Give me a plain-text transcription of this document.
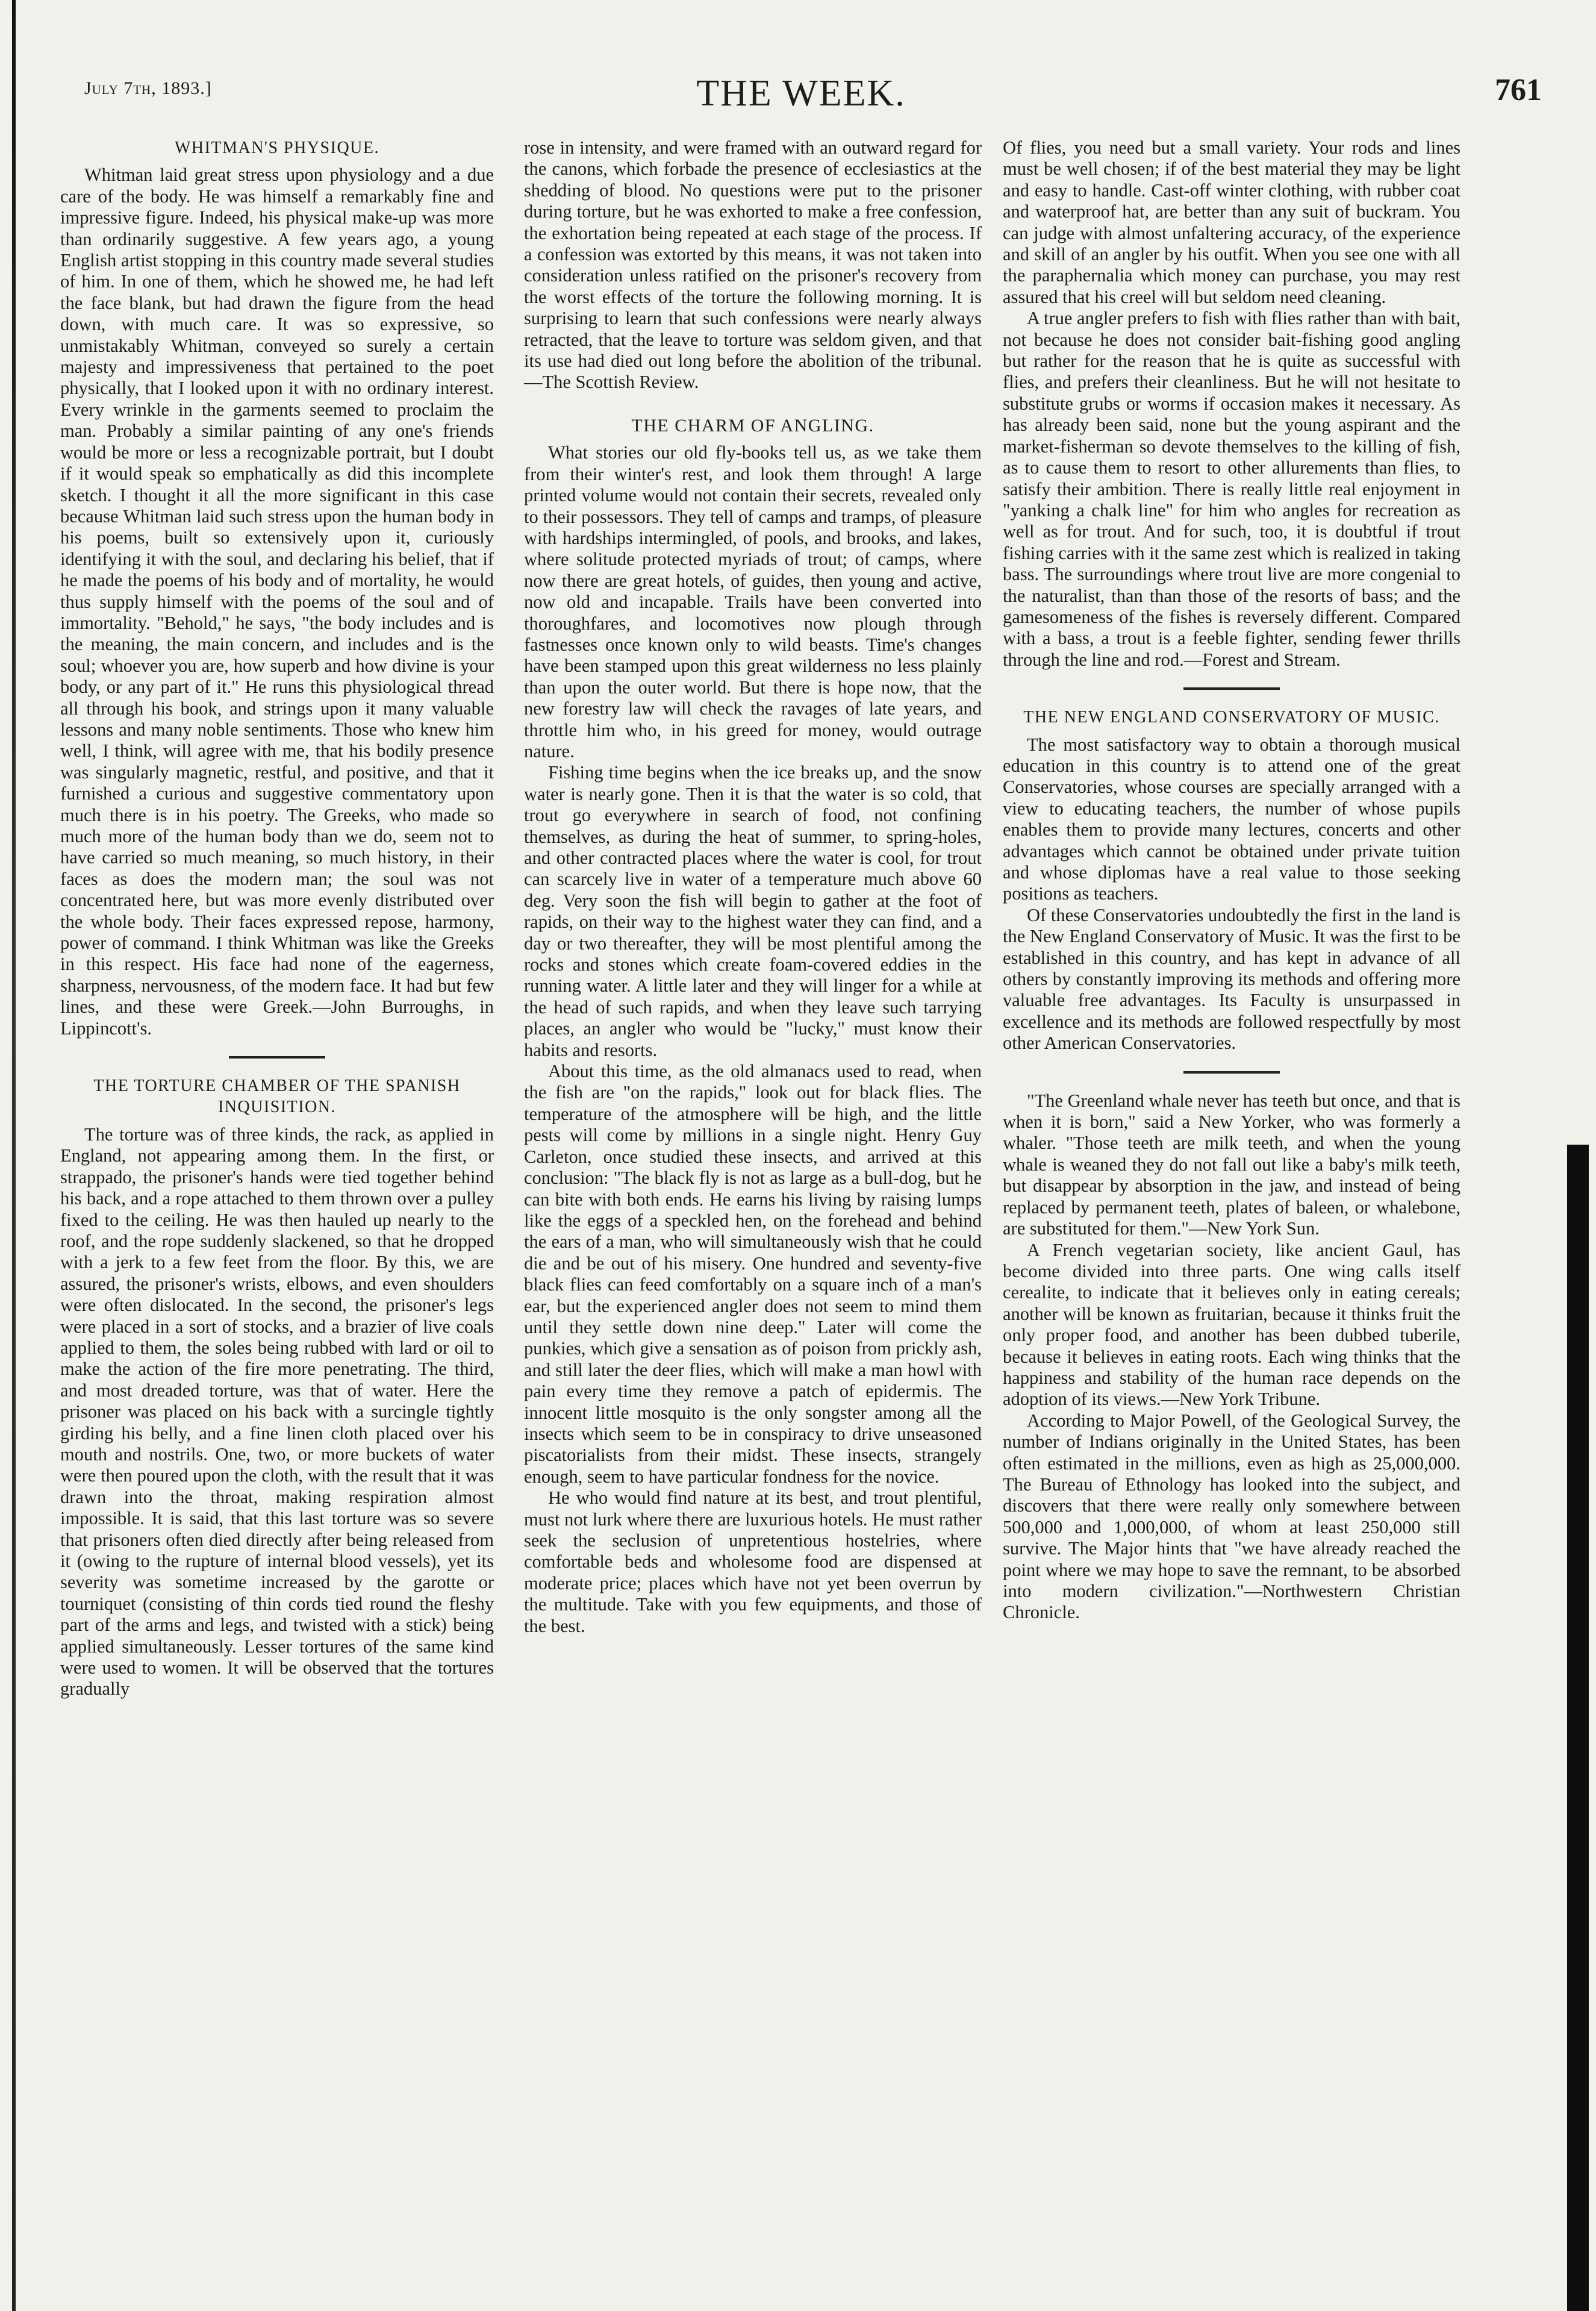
July 7th, 1893.]	THE WEEK.	761
WHITMAN'S PHYSIQUE.

Whitman laid great stress upon physiology and a due care of the body. He was himself a remarkably fine and impressive figure. Indeed, his physical make-up was more than ordinarily suggestive. A few years ago, a young English artist stopping in this country made several studies of him. In one of them, which he showed me, he had left the face blank, but had drawn the figure from the head down, with much care. It was so expressive, so unmistakably Whitman, conveyed so surely a certain majesty and impressiveness that pertained to the poet physically, that I looked upon it with no ordinary interest. Every wrinkle in the garments seemed to proclaim the man. Probably a similar painting of any one's friends would be more or less a recognizable portrait, but I doubt if it would speak so emphatically as did this incomplete sketch. I thought it all the more significant in this case because Whitman laid such stress upon the human body in his poems, built so extensively upon it, curiously identifying it with the soul, and declaring his belief, that if he made the poems of his body and of mortality, he would thus supply himself with the poems of the soul and of immortality. "Behold," he says, "the body includes and is the meaning, the main concern, and includes and is the soul; whoever you are, how superb and how divine is your body, or any part of it." He runs this physiological thread all through his book, and strings upon it many valuable lessons and many noble sentiments. Those who knew him well, I think, will agree with me, that his bodily presence was singularly magnetic, restful, and positive, and that it furnished a curious and suggestive commentatory upon much there is in his poetry. The Greeks, who made so much more of the human body than we do, seem not to have carried so much meaning, so much history, in their faces as does the modern man; the soul was not concentrated here, but was more evenly distributed over the whole body. Their faces expressed repose, harmony, power of command. I think Whitman was like the Greeks in this respect. His face had none of the eagerness, sharpness, nervousness, of the modern face. It had but few lines, and these were Greek.—John Burroughs, in Lippincott's.

THE TORTURE CHAMBER OF THE SPANISH INQUISITION.

The torture was of three kinds, the rack, as applied in England, not appearing among them. In the first, or strappado, the prisoner's hands were tied together behind his back, and a rope attached to them thrown over a pulley fixed to the ceiling. He was then hauled up nearly to the roof, and the rope suddenly slackened, so that he dropped with a jerk to a few feet from the floor. By this, we are assured, the prisoner's wrists, elbows, and even shoulders were often dislocated. In the second, the prisoner's legs were placed in a sort of stocks, and a brazier of live coals applied to them, the soles being rubbed with lard or oil to make the action of the fire more penetrating. The third, and most dreaded torture, was that of water. Here the prisoner was placed on his back with a surcingle tightly girding his belly, and a fine linen cloth placed over his mouth and nostrils. One, two, or more buckets of water were then poured upon the cloth, with the result that it was drawn into the throat, making respiration almost impossible. It is said, that this last torture was so severe that prisoners often died directly after being released from it (owing to the rupture of internal blood vessels), yet its severity was sometime increased by the garotte or tourniquet (consisting of thin cords tied round the fleshy part of the arms and legs, and twisted with a stick) being applied simultaneously. Lesser tortures of the same kind were used to women. It will be observed that the tortures gradually

rose in intensity, and were framed with an outward regard for the canons, which forbade the presence of ecclesiastics at the shedding of blood. No questions were put to the prisoner during torture, but he was exhorted to make a free confession, the exhortation being repeated at each stage of the process. If a confession was extorted by this means, it was not taken into consideration unless ratified on the prisoner's recovery from the worst effects of the torture the following morning. It is surprising to learn that such confessions were nearly always retracted, that the leave to torture was seldom given, and that its use had died out long before the abolition of the tribunal.—The Scottish Review.

THE CHARM OF ANGLING.

What stories our old fly-books tell us, as we take them from their winter's rest, and look them through! A large printed volume would not contain their secrets, revealed only to their possessors. They tell of camps and tramps, of pleasure with hardships intermingled, of pools, and brooks, and lakes, where solitude protected myriads of trout; of camps, where now there are great hotels, of guides, then young and active, now old and incapable. Trails have been converted into thoroughfares, and locomotives now plough through fastnesses once known only to wild beasts. Time's changes have been stamped upon this great wilderness no less plainly than upon the outer world. But there is hope now, that the new forestry law will check the ravages of late years, and throttle him who, in his greed for money, would outrage nature.

Fishing time begins when the ice breaks up, and the snow water is nearly gone. Then it is that the water is so cold, that trout go everywhere in search of food, not confining themselves, as during the heat of summer, to spring-holes, and other contracted places where the water is cool, for trout can scarcely live in water of a temperature much above 60 deg. Very soon the fish will begin to gather at the foot of rapids, on their way to the highest water they can find, and a day or two thereafter, they will be most plentiful among the rocks and stones which create foam-covered eddies in the running water. A little later and they will linger for a while at the head of such rapids, and when they leave such tarrying places, an angler who would be "lucky," must know their habits and resorts.

About this time, as the old almanacs used to read, when the fish are "on the rapids," look out for black flies. The temperature of the atmosphere will be high, and the little pests will come by millions in a single night. Henry Guy Carleton, once studied these insects, and arrived at this conclusion: "The black fly is not as large as a bull-dog, but he can bite with both ends. He earns his living by raising lumps like the eggs of a speckled hen, on the forehead and behind the ears of a man, who will simultaneously wish that he could die and be out of his misery. One hundred and seventy-five black flies can feed comfortably on a square inch of a man's ear, but the experienced angler does not seem to mind them until they settle down nine deep." Later will come the punkies, which give a sensation as of poison from prickly ash, and still later the deer flies, which will make a man howl with pain every time they remove a patch of epidermis. The innocent little mosquito is the only songster among all the insects which seem to be in conspiracy to drive unseasoned piscatorialists from their midst. These insects, strangely enough, seem to have particular fondness for the novice.

He who would find nature at its best, and trout plentiful, must not lurk where there are luxurious hotels. He must rather seek the seclusion of unpretentious hostelries, where comfortable beds and wholesome food are dispensed at moderate price; places which have not yet been overrun by the multitude. Take with you few equipments, and those of the best.

Of flies, you need but a small variety. Your rods and lines must be well chosen; if of the best material they may be light and easy to handle. Cast-off winter clothing, with rubber coat and waterproof hat, are better than any suit of buckram. You can judge with almost unfaltering accuracy, of the experience and skill of an angler by his outfit. When you see one with all the paraphernalia which money can purchase, you may rest assured that his creel will but seldom need cleaning.

A true angler prefers to fish with flies rather than with bait, not because he does not consider bait-fishing good angling but rather for the reason that he is quite as successful with flies, and prefers their cleanliness. But he will not hesitate to substitute grubs or worms if occasion makes it necessary. As has already been said, none but the young aspirant and the market-fisherman so devote themselves to the killing of fish, as to cause them to resort to other allurements than flies, to satisfy their ambition. There is really little real enjoyment in "yanking a chalk line" for him who angles for recreation as well as for trout. And for such, too, it is doubtful if trout fishing carries with it the same zest which is realized in taking bass. The surroundings where trout live are more congenial to the naturalist, than than those of the resorts of bass; and the gamesomeness of the fishes is reversely different. Compared with a bass, a trout is a feeble fighter, sending fewer thrills through the line and rod.—Forest and Stream.

THE NEW ENGLAND CONSERVATORY OF MUSIC.

The most satisfactory way to obtain a thorough musical education in this country is to attend one of the great Conservatories, whose courses are specially arranged with a view to educating teachers, the number of whose pupils enables them to provide many lectures, concerts and other advantages which cannot be obtained under private tuition and whose diplomas have a real value to those seeking positions as teachers.

Of these Conservatories undoubtedly the first in the land is the New England Conservatory of Music. It was the first to be established in this country, and has kept in advance of all others by constantly improving its methods and offering more valuable free advantages. Its Faculty is unsurpassed in excellence and its methods are followed respectfully by most other American Conservatories.

"The Greenland whale never has teeth but once, and that is when it is born," said a New Yorker, who was formerly a whaler. "Those teeth are milk teeth, and when the young whale is weaned they do not fall out like a baby's milk teeth, but disappear by absorption in the jaw, and instead of being replaced by permanent teeth, plates of baleen, or whalebone, are substituted for them."—New York Sun.

A French vegetarian society, like ancient Gaul, has become divided into three parts. One wing calls itself cerealite, to indicate that it believes only in eating cereals; another will be known as fruitarian, because it thinks fruit the only proper food, and another has been dubbed tuberile, because it believes in eating roots. Each wing thinks that the happiness and stability of the human race depends on the adoption of its views.—New York Tribune.

According to Major Powell, of the Geological Survey, the number of Indians originally in the United States, has been often estimated in the millions, even as high as 25,000,000. The Bureau of Ethnology has looked into the subject, and discovers that there were really only somewhere between 500,000 and 1,000,000, of whom at least 250,000 still survive. The Major hints that "we have already reached the point where we may hope to save the remnant, to be absorbed into modern civilization."—Northwestern Christian Chronicle.
